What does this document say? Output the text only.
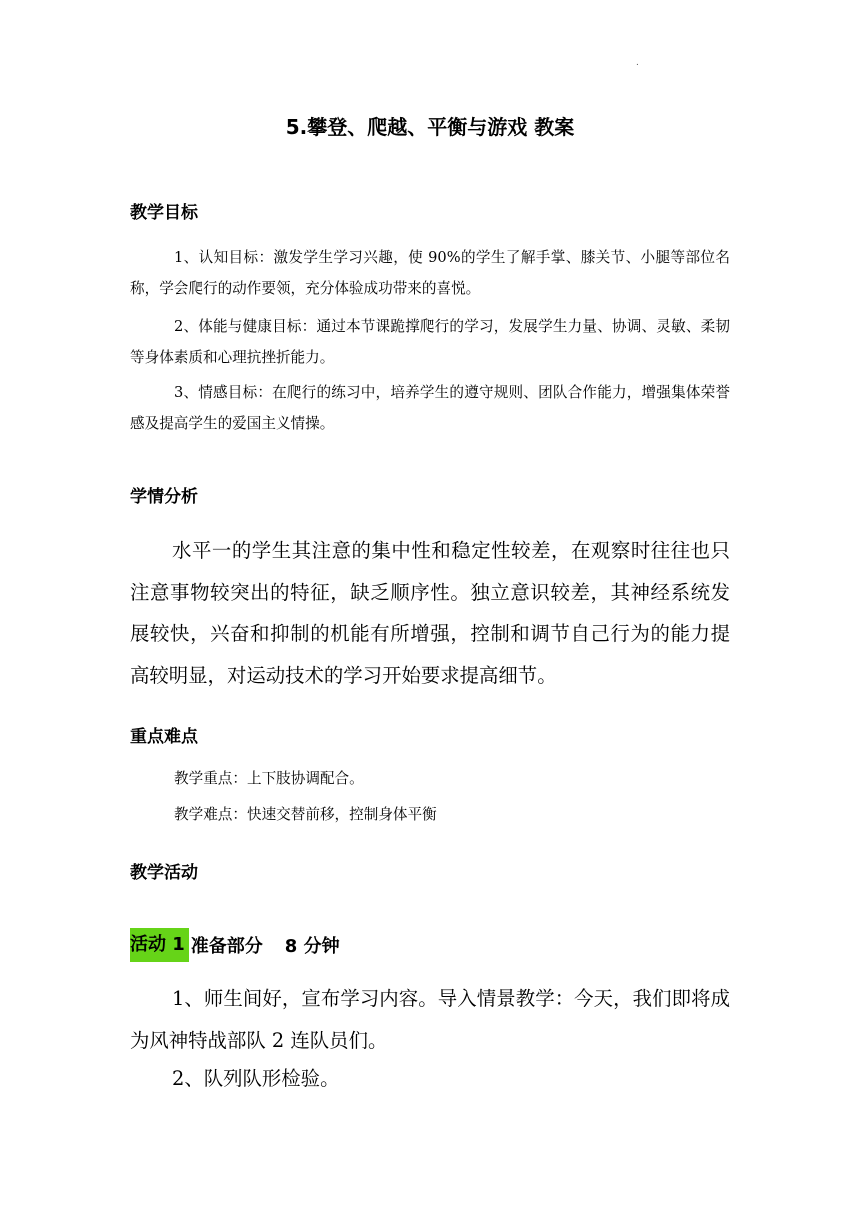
.
5.攀登、爬越、平衡与游戏 教案
教学目标

1、认知目标：激发学生学习兴趣，使 90%的学生了解手掌、膝关节、小腿等部位名称，学会爬行的动作要领，充分体验成功带来的喜悦。

2、体能与健康目标：通过本节课跪撑爬行的学习，发展学生力量、协调、灵敏、柔韧等身体素质和心理抗挫折能力。

3、情感目标：在爬行的练习中，培养学生的遵守规则、团队合作能力，增强集体荣誉感及提高学生的爱国主义情操。

学情分析

水平一的学生其注意的集中性和稳定性较差，在观察时往往也只注意事物较突出的特征，缺乏顺序性。独立意识较差，其神经系统发展较快，兴奋和抑制的机能有所增强，控制和调节自己行为的能力提高较明显，对运动技术的学习开始要求提高细节。

重点难点

教学重点：上下肢协调配合。

教学难点：快速交替前移，控制身体平衡

教学活动
活动 1 准备部分 8 分钟

1、师生间好，宣布学习内容。导入情景教学：今天，我们即将成为风神特战部队 2 连队员们。

2、队列队形检验。
